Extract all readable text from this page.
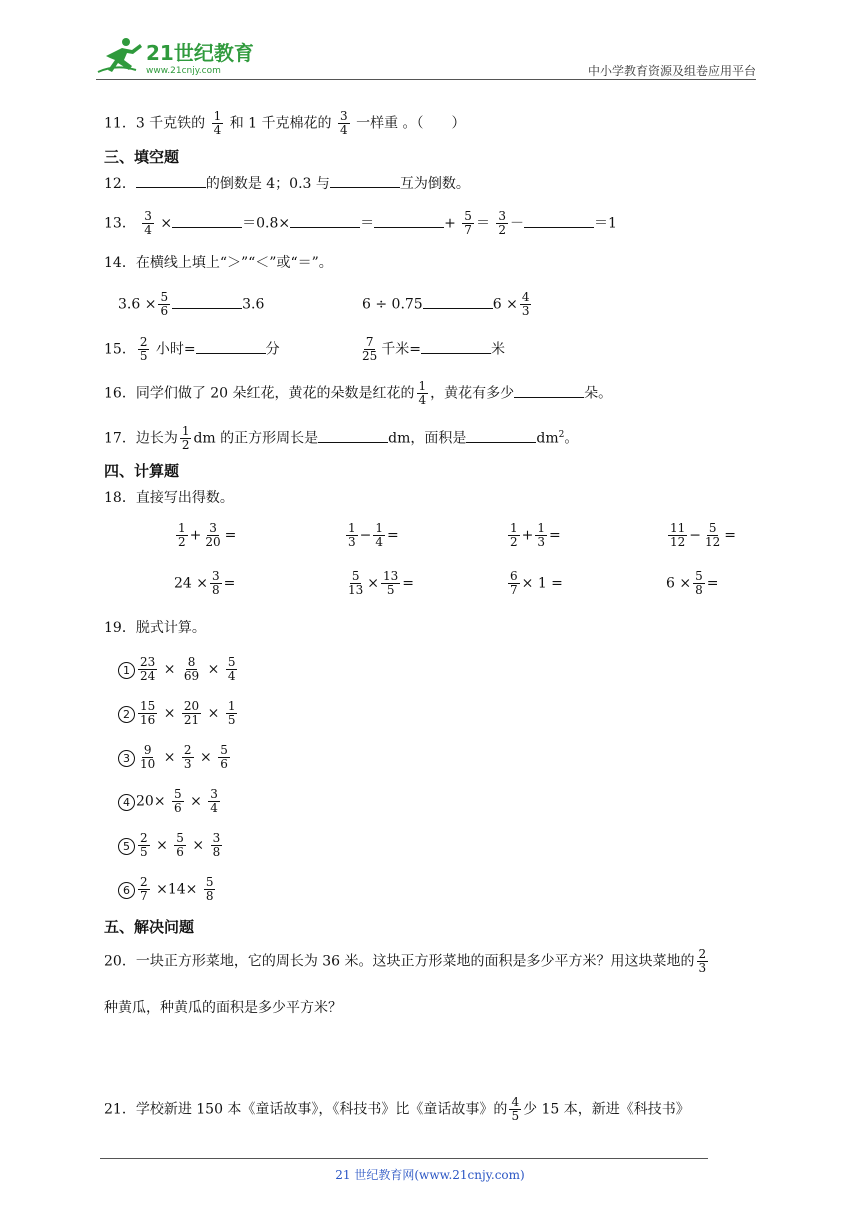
21世纪教育
www.21cnjy.com	中小学教育资源及组卷应用平台
11．3 千克铁的 $\frac{1}{4}$ 和 1 千克棉花的 $\frac{3}{4}$ 一样重 。（　　）
三、填空题
12．	的倒数是 4；0.3 与	互为倒数。
13． $\frac{3}{4}$ ×	＝0.8×	＝	+ $\frac{5}{7} = \frac{3}{2}$ －	＝1
14．在横线上填上“＞”“＜”或“＝”。
$3.6 \times \frac{5}{6}$	3.6	6 ÷ 0.75	$6 \times \frac{4}{3}$
15． $\frac{2}{5}$ 小时=	分	$\frac{7}{25}$ 千米=	米
16．同学们做了 20 朵红花，黄花的朵数是红花的 $\frac{1}{4}$ ，黄花有多少	朵。
17．边长为 $\frac{1}{2}$ dm 的正方形周长是	dm，面积是	$dm^2$。
四、计算题
18．直接写出得数。
$\frac{1}{2} + \frac{3}{20}$ =	$\frac{1}{3} - \frac{1}{4}$ =	$\frac{1}{2} + \frac{1}{3}$ =	$\frac{11}{12} - \frac{5}{12}$ =
$24 \times \frac{3}{8}$ =	$\frac{5}{13} \times \frac{13}{5}$ =	$\frac{6}{7} \times 1$ =	$6 \times \frac{5}{8}$ =
19．脱式计算。
$1 \frac{23}{24} \times \frac{8}{69} \times \frac{5}{4}$
$2 \frac{15}{16} \times \frac{20}{21} \times \frac{1}{5}$
$3 \frac{9}{10} \times \frac{2}{3} \times \frac{5}{6}$
4 $20\times \frac{5}{6} \times \frac{3}{4}$
$5 \frac{2}{5} \times \frac{5}{6} \times \frac{3}{8}$
$6 \frac{2}{7} \times 14\times \frac{5}{8}$
五、解决问题
20．一块正方形菜地，它的周长为 36 米。这块正方形菜地的面积是多少平方米？用这块菜地的 $\frac{2}{3}$
种黄瓜，种黄瓜的面积是多少平方米？
21．学校新进 150 本《童话故事》，《科技书》比《童话故事》的 $\frac{4}{5}$ 少 15 本，新进《科技书》
21 世纪教育网(www.21cnjy.com)
